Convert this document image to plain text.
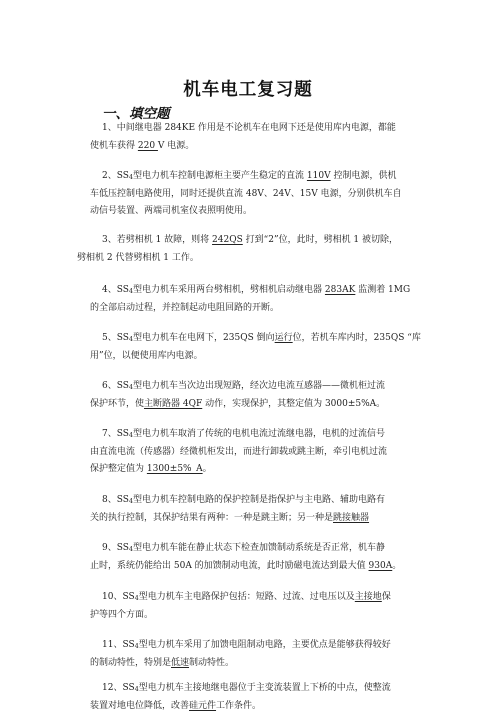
机车电工复习题
一、填空题
1、中间继电器 284KE 作用是不论机车在电网下还是使用库内电源，都能
使机车获得 220 V 电源。
2、SS4型电力机车控制电源柜主要产生稳定的直流 110V 控制电源，供机
车低压控制电路使用，同时还提供直流 48V、24V、15V 电源，分别供机车自
动信号装置、两端司机室仪表照明使用。
3、若劈相机 1 故障，则将 242QS 打到“2”位，此时，劈相机 1 被切除，
劈相机 2 代替劈相机 1 工作。
4、SS4型电力机车采用两台劈相机，劈相机启动继电器 283AK 监测着 1MG
的全部启动过程，并控制起动电阻回路的开断。
5、SS4型电力机车在电网下，235QS 倒向运行位，若机车库内时，235QS “库
用”位，以便使用库内电源。
6、SS4型电力机车当次边出现短路，经次边电流互感器——微机柜过流
保护环节，使主断路器 4QF 动作，实现保护，其整定值为 3000±5%A。
7、SS4型电力机车取消了传统的电机电流过流继电器，电机的过流信号
由直流电流（传感器）经微机柜发出，而进行卸载或跳主断，牵引电机过流
保护整定值为 1300±5%_A。
8、SS4型电力机车控制电路的保护控制是指保护与主电路、辅助电路有
关的执行控制，其保护结果有两种：一种是跳主断；另一种是跳接触器
9、SS4型电力机车能在静止状态下检查加馈制动系统是否正常，机车静
止时，系统仍能给出 50A 的加馈制动电流，此时励磁电流达到最大值 930A。
10、SS4型电力机车主电路保护包括：短路、过流、过电压以及主接地保
护等四个方面。
11、SS4型电力机车采用了加馈电阻制动电路，主要优点是能够获得较好
的制动特性，特别是低速制动特性。
12、SS4型电力机车主接地继电器位于主变流装置上下桥的中点，使整流
装置对地电位降低，改善硅元件工作条件。
